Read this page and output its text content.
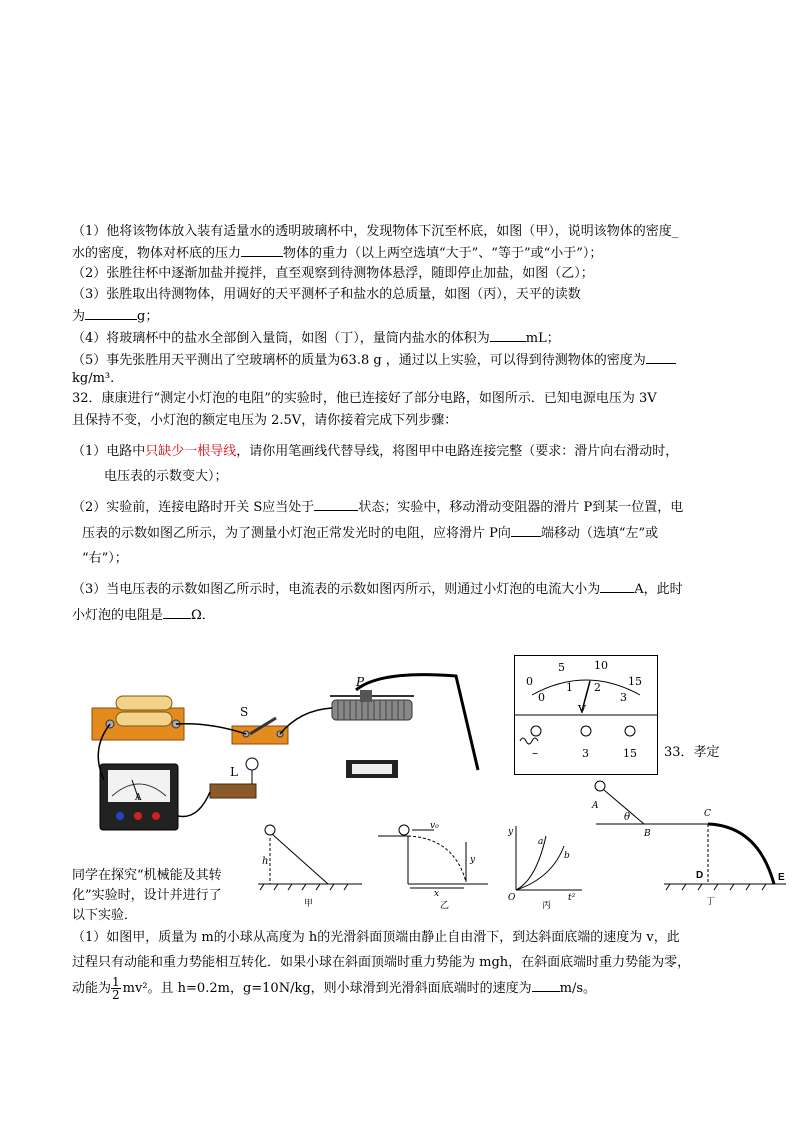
（1）他将该物体放入装有适量水的透明玻璃杯中，发现物体下沉至杯底，如图（甲），说明该物体的密度_
水的密度，物体对杯底的压力	物体的重力（以上两空选填“大于”、“等于”或“小于”）；
（2）张胜往杯中逐渐加盐并搅拌，直至观察到待测物体悬浮，随即停止加盐，如图（乙）；
（3）张胜取出待测物体，用调好的天平测杯子和盐水的总质量，如图（丙），天平的读数
为	g；
（4）将玻璃杯中的盐水全部倒入量筒，如图（丁），量筒内盐水的体积为	mL；
（5）事先张胜用天平测出了空玻璃杯的质量为63.8 g ，通过以上实验，可以得到待测物体的密度为
kg/m³.
32．康康进行“测定小灯泡的电阻”的实验时，他已连接好了部分电路，如图所示．已知电源电压为 3V
且保持不变，小灯泡的额定电压为 2.5V，请你接着完成下列步骤：
（1）电路中只缺少一根导线，请你用笔画线代替导线，将图甲中电路连接完整（要求：滑片向右滑动时，
电压表的示数变大）；
（2）实验前，连接电路时开关 S应当处于	状态；实验中，移动滑动变阻器的滑片 P到某一位置，电
压表的示数如图乙所示，为了测量小灯泡正常发光时的电阻，应将滑片 P向 端移动（选填“左”或
“右”）；
（3）当电压表的示数如图乙所示时，电流表的示数如图丙所示，则通过小灯泡的电流大小为	A，此时
小灯泡的电阻是 Ω．
S
P
A
L
0
5	10
15
0
1 2
3
V
–	3	15 33．孝定
h
甲
v₀
y
x
乙
y
O
a
b
t²
丙
A
θ
B
C
D	E
丁
同学在探究“机械能及其转
化”实验时，设计并进行了
以下实验．
（1）如图甲，质量为 m的小球从高度为 h的光滑斜面顶端由静止自由滑下，到达斜面底端的速度为 v，此
过程只有动能和重力势能相互转化．如果小球在斜面顶端时重力势能为 mgh，在斜面底端时重力势能为零，
动能为 $\frac{1}{2} mv^2$。且 h=0.2m，g=10N/kg，则小球滑到光滑斜面底端时的速度为 m/s。
